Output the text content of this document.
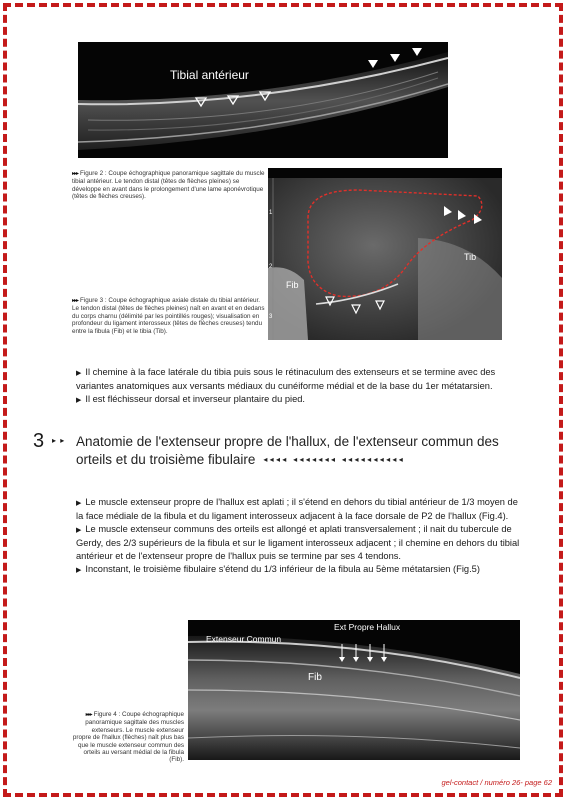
Tibial antérieur
▸▸▸ Figure 2 : Coupe échographique panoramique sagittale du muscle tibial antérieur. Le tendon distal (têtes de flèches pleines) se développe en avant dans le prolongement d'une lame aponévrotique (têtes de flèches creuses).
1
2
3
Fib
Tib
▸▸▸ Figure 3 : Coupe échographique axiale distale du tibial antérieur. Le tendon distal (têtes de flèches pleines) naît en avant et en dedans du corps charnu (délimité par les pointillés rouges); visualisation en profondeur du ligament interosseux (têtes de flèches creuses) tendu entre la fibula (Fib) et le tibia (Tib).

▶ Il chemine à la face latérale du tibia puis sous le rétinaculum des extenseurs et se termine avec des variantes anatomiques aux versants médiaux du cunéiforme médial et de la base du 1er métatarsien.

▶ Il est fléchisseur dorsal et inverseur plantaire du pied.

3 ▸ ▸ Anatomie de l'extenseur propre de l'hallux, de l'extenseur commun des orteils et du troisième fibulaire ◂◂◂◂ ◂◂◂◂◂◂◂ ◂◂◂◂◂◂◂◂◂◂

▶ Le muscle extenseur propre de l'hallux est aplati ; il s'étend en dehors du tibial antérieur de 1/3 moyen de la face médiale de la fibula et du ligament interosseux adjacent à la face dorsale de P2 de l'hallux (Fig.4).

▶ Le muscle extenseur communs des orteils est allongé et aplati transversalement ; il nait du tubercule de Gerdy, des 2/3 supérieurs de la fibula et sur le ligament interosseux adjacent ; il chemine en dehors du tibial antérieur et de l'extenseur propre de l'hallux puis se termine par ses 4 tendons.

▶ Inconstant, le troisième fibulaire s'étend du 1/3 inférieur de la fibula au 5ème métatarsien (Fig.5)

Extenseur Commun
Ext Propre Hallux
Fib
▸▸▸ Figure 4 : Coupe échographique panoramique sagittale des muscles extenseurs. Le muscle extenseur propre de l'hallux (flèches) naît plus bas que le muscle extenseur commun des orteils au versant médial de la fibula (Fib).
gel-contact / numéro 26- page 62
